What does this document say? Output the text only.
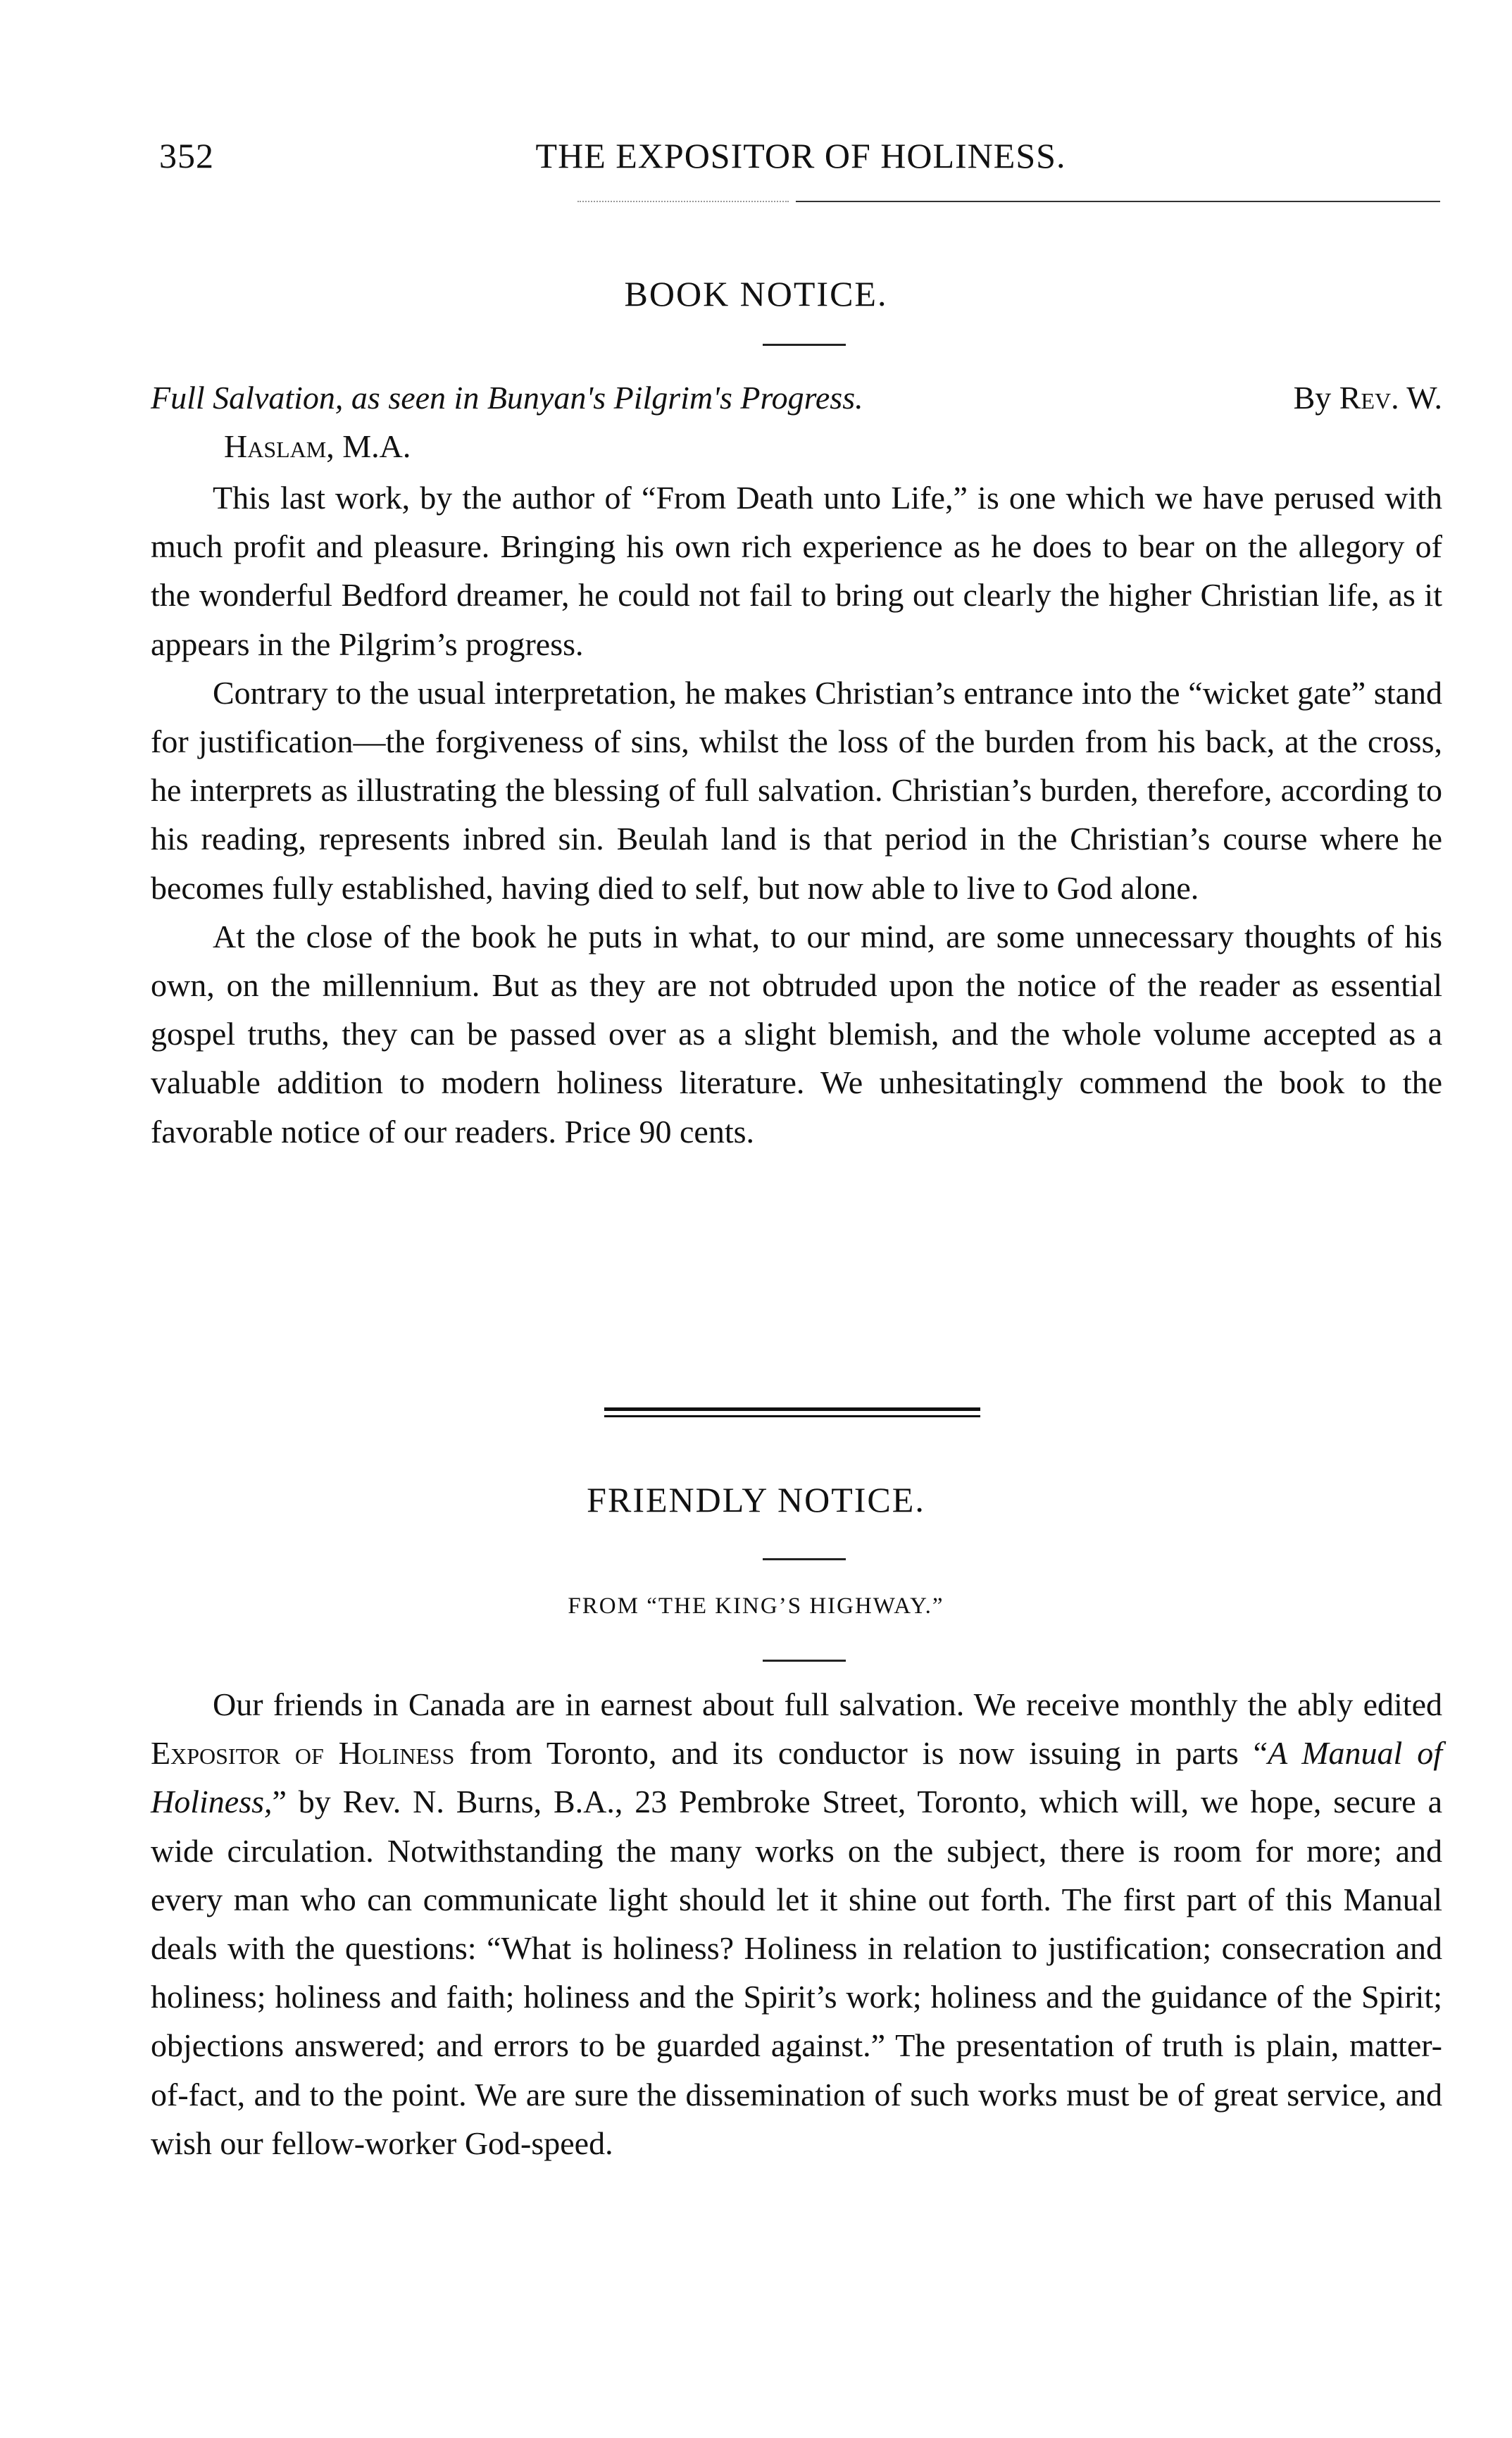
352	THE EXPOSITOR OF HOLINESS.
BOOK NOTICE.
Full Salvation, as seen in Bunyan's Pilgrim's Progress.	By Rev. W.
Haslam, M.A.

This last work, by the author of “From Death unto Life,” is one which we have perused with much profit and pleasure. Bringing his own rich experience as he does to bear on the allegory of the wonderful Bedford dreamer, he could not fail to bring out clearly the higher Christian life, as it appears in the Pilgrim’s progress.

Contrary to the usual interpretation, he makes Christian’s entrance into the “wicket gate” stand for justification—the forgiveness of sins, whilst the loss of the burden from his back, at the cross, he interprets as illustrating the blessing of full salvation. Christian’s burden, therefore, according to his reading, represents inbred sin. Beulah land is that period in the Christian’s course where he becomes fully established, having died to self, but now able to live to God alone.

At the close of the book he puts in what, to our mind, are some unnecessary thoughts of his own, on the millennium. But as they are not obtruded upon the notice of the reader as essential gospel truths, they can be passed over as a slight blemish, and the whole volume accepted as a valuable addition to modern holiness literature. We unhesitatingly commend the book to the favorable notice of our readers. Price 90 cents.

FRIENDLY NOTICE.
FROM “THE KING’S HIGHWAY.”

Our friends in Canada are in earnest about full salvation. We receive monthly the ably edited Expositor of Holiness from Toronto, and its conductor is now issuing in parts “A Manual of Holiness,” by Rev. N. Burns, B.A., 23 Pembroke Street, Toronto, which will, we hope, secure a wide circulation. Notwithstanding the many works on the subject, there is room for more; and every man who can communicate light should let it shine out forth. The first part of this Manual deals with the questions: “What is holiness? Holiness in relation to justification; consecration and holiness; holiness and faith; holiness and the Spirit’s work; holiness and the guidance of the Spirit; objections answered; and errors to be guarded against.” The presentation of truth is plain, matter-of-fact, and to the point. We are sure the dissemination of such works must be of great service, and wish our fellow-worker God-speed.
